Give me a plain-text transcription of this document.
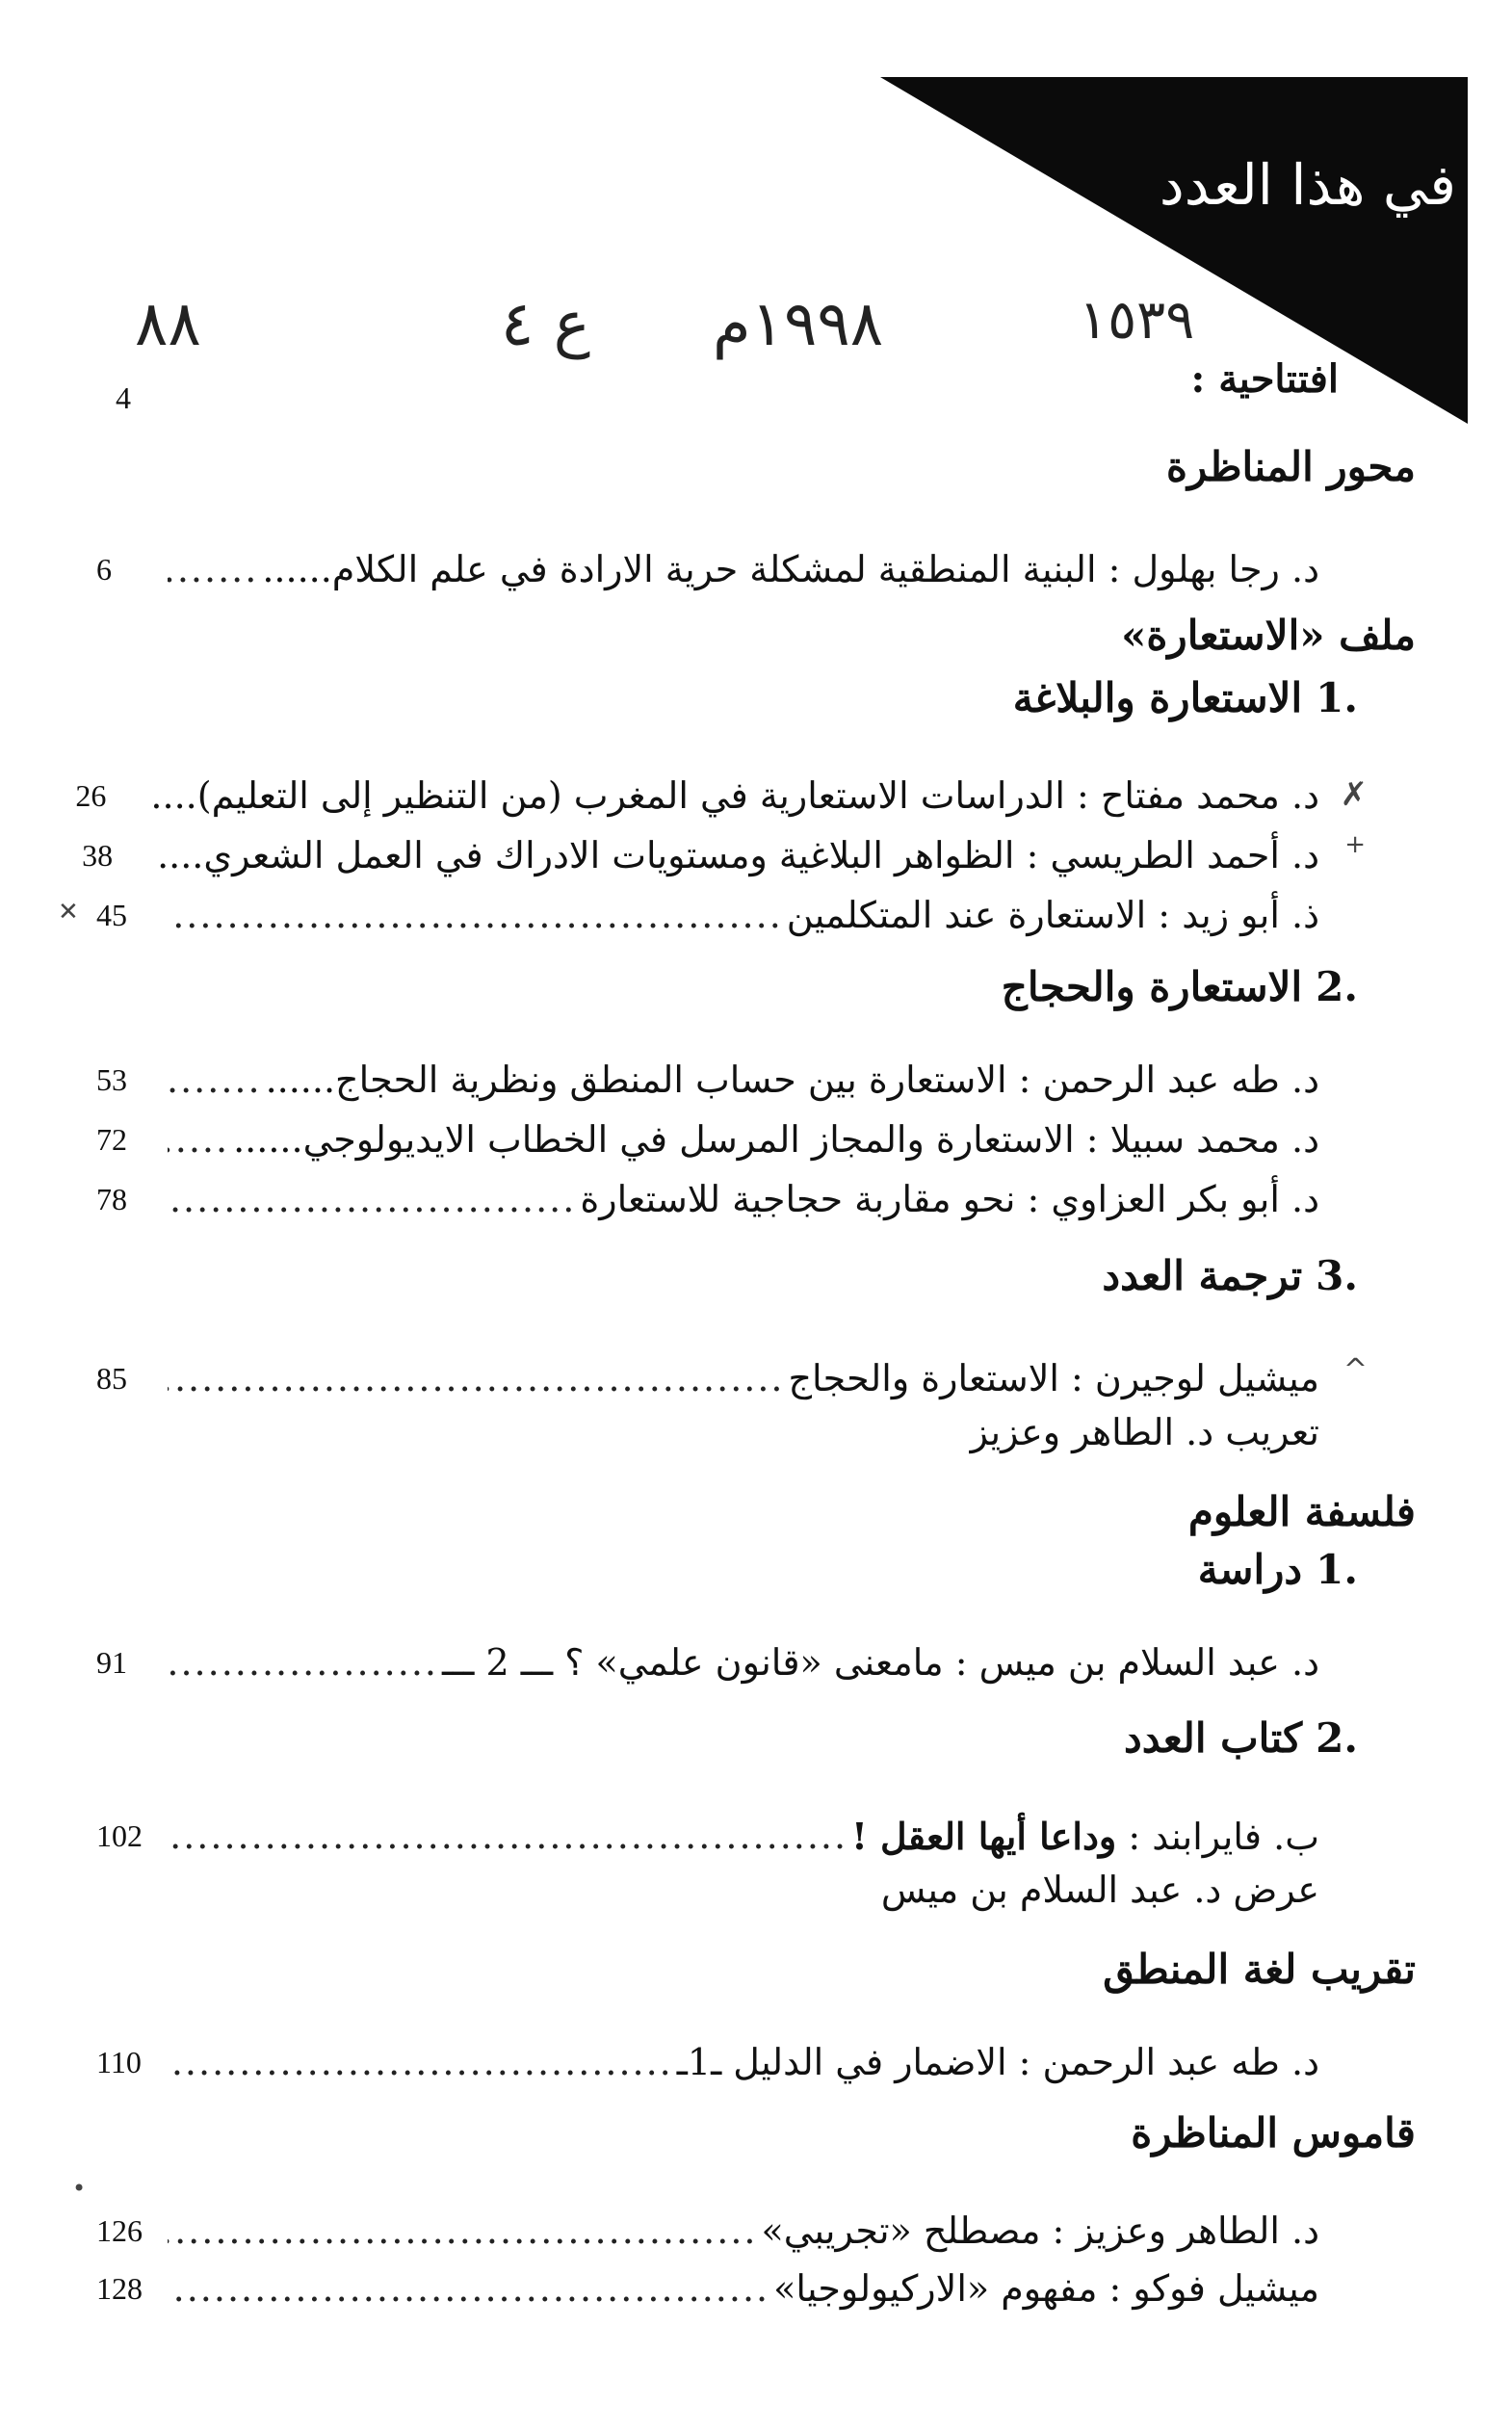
في هذا العدد
٨٨	ع ٤ ١٩٩٨م	١٥٣٩
افتتاحية :
4
محور المناظرة
د. رجا بهلول : البنية المنطقية لمشكلة حرية الارادة في علم الكلام......
.....
6
ملف «الاستعارة»
.1الاستعارة والبلاغة
د. محمد مفتاح : الدراسات الاستعارية في المغرب (من التنظير إلى التعليم)....
26
د. أحمد الطريسي : الظواهر البلاغية ومستويات الادراك في العمل الشعري....
38
ذ. أبو زيد : الاستعارة عند المتكلمين
.....
45
.2الاستعارة والحجاج
د. طه عبد الرحمن : الاستعارة بين حساب المنطق ونظرية الحجاج......
.....
53
د. محمد سبيلا : الاستعارة والمجاز المرسل في الخطاب الايديولوجي......
.....
72
د. أبو بكر العزاوي : نحو مقاربة حجاجية للاستعارة
.....
78
.3ترجمة العدد
ميشيل لوجيرن : الاستعارة والحجاج
.....
85
تعريب د. الطاهر وعزيز
فلسفة العلوم
.1دراسة
د. عبد السلام بن ميس : مامعنى «قانون علمي» ؟ ـــ 2 ـــ
.....
91
.2كتاب العدد
ب. فايرابند : وداعا أيها العقل !
.....
102
عرض د. عبد السلام بن ميس
تقريب لغة المنطق
د. طه عبد الرحمن : الاضمار في الدليل ـ1ـ
.....
110
قاموس المناظرة
د. الطاهر وعزيز : مصطلح «تجريبي»
.....
126
ميشيل فوكو : مفهوم «الاركيولوجيا»
.....
128
✗
+
✕
^
•
